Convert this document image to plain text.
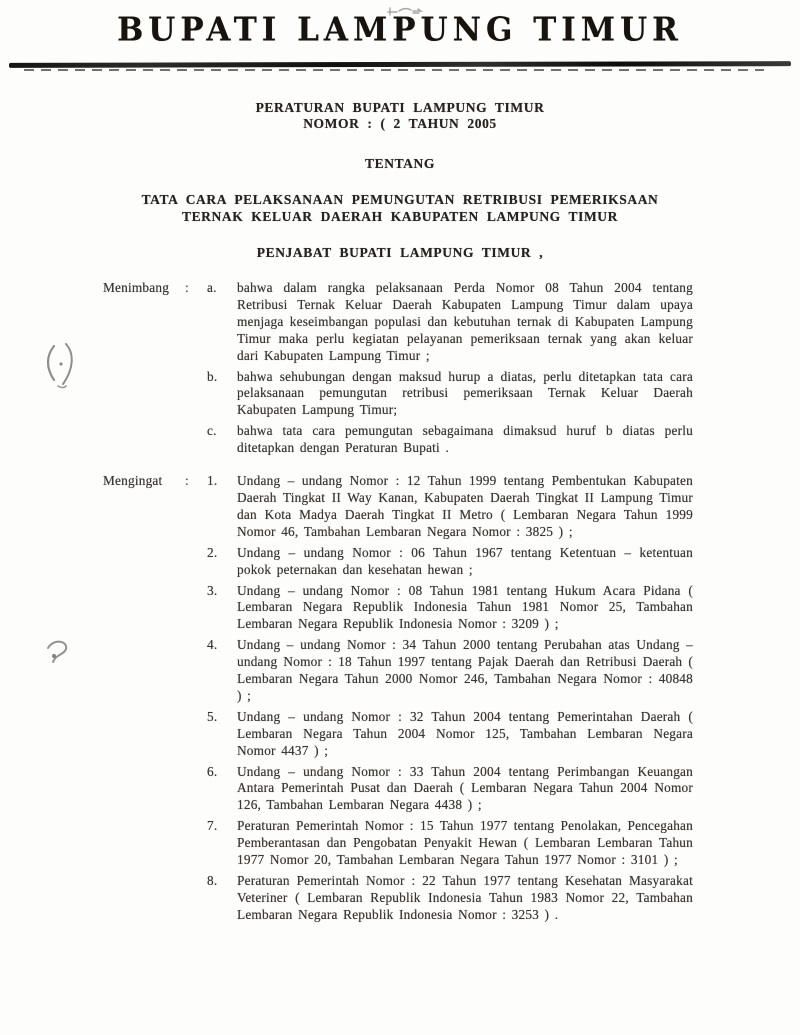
BUPATI LAMPUNG TIMUR
PERATURAN BUPATI LAMPUNG TIMUR
NOMOR : ( 2 TAHUN 2005
TENTANG
TATA CARA PELAKSANAAN PEMUNGUTAN RETRIBUSI PEMERIKSAAN
TERNAK KELUAR DAERAH KABUPATEN LAMPUNG TIMUR
PENJABAT BUPATI LAMPUNG TIMUR ,
Menimbang	:	a.	bahwa dalam rangka pelaksanaan Perda Nomor 08 Tahun 2004 tentang Retribusi Ternak Keluar Daerah Kabupaten Lampung Timur dalam upaya menjaga keseimbangan populasi dan kebutuhan ternak di Kabupaten Lampung Timur maka perlu kegiatan pelayanan pemeriksaan ternak yang akan keluar dari Kabupaten Lampung Timur ;
b.	bahwa sehubungan dengan maksud hurup a diatas, perlu ditetapkan tata cara pelaksanaan pemungutan retribusi pemeriksaan Ternak Keluar Daerah Kabupaten Lampung Timur;
c.	bahwa tata cara pemungutan sebagaimana dimaksud huruf b diatas perlu ditetapkan dengan Peraturan Bupati .
Mengingat	:	1.	Undang – undang Nomor : 12 Tahun 1999 tentang Pembentukan Kabupaten Daerah Tingkat II Way Kanan, Kabupaten Daerah Tingkat II Lampung Timur dan Kota Madya Daerah Tingkat II Metro ( Lembaran Negara Tahun 1999 Nomor 46, Tambahan Lembaran Negara Nomor : 3825 ) ;
2.	Undang – undang Nomor : 06 Tahun 1967 tentang Ketentuan – ketentuan pokok peternakan dan kesehatan hewan ;
3.	Undang – undang Nomor : 08 Tahun 1981 tentang Hukum Acara Pidana ( Lembaran Negara Republik Indonesia Tahun 1981 Nomor 25, Tambahan Lembaran Negara Republik Indonesia Nomor : 3209 ) ;
4.	Undang – undang Nomor : 34 Tahun 2000 tentang Perubahan atas Undang – undang Nomor : 18 Tahun 1997 tentang Pajak Daerah dan Retribusi Daerah ( Lembaran Negara Tahun 2000 Nomor 246, Tambahan Negara Nomor : 40848 ) ;
5.	Undang – undang Nomor : 32 Tahun 2004 tentang Pemerintahan Daerah ( Lembaran Negara Tahun 2004 Nomor 125, Tambahan Lembaran Negara Nomor 4437 ) ;
6.	Undang – undang Nomor : 33 Tahun 2004 tentang Perimbangan Keuangan Antara Pemerintah Pusat dan Daerah ( Lembaran Negara Tahun 2004 Nomor 126, Tambahan Lembaran Negara 4438 ) ;
7.	Peraturan Pemerintah Nomor : 15 Tahun 1977 tentang Penolakan, Pencegahan Pemberantasan dan Pengobatan Penyakit Hewan ( Lembaran Lembaran Tahun 1977 Nomor 20, Tambahan Lembaran Negara Tahun 1977 Nomor : 3101 ) ;
8.	Peraturan Pemerintah Nomor : 22 Tahun 1977 tentang Kesehatan Masyarakat Veteriner ( Lembaran Republik Indonesia Tahun 1983 Nomor 22, Tambahan Lembaran Negara Republik Indonesia Nomor : 3253 ) .
